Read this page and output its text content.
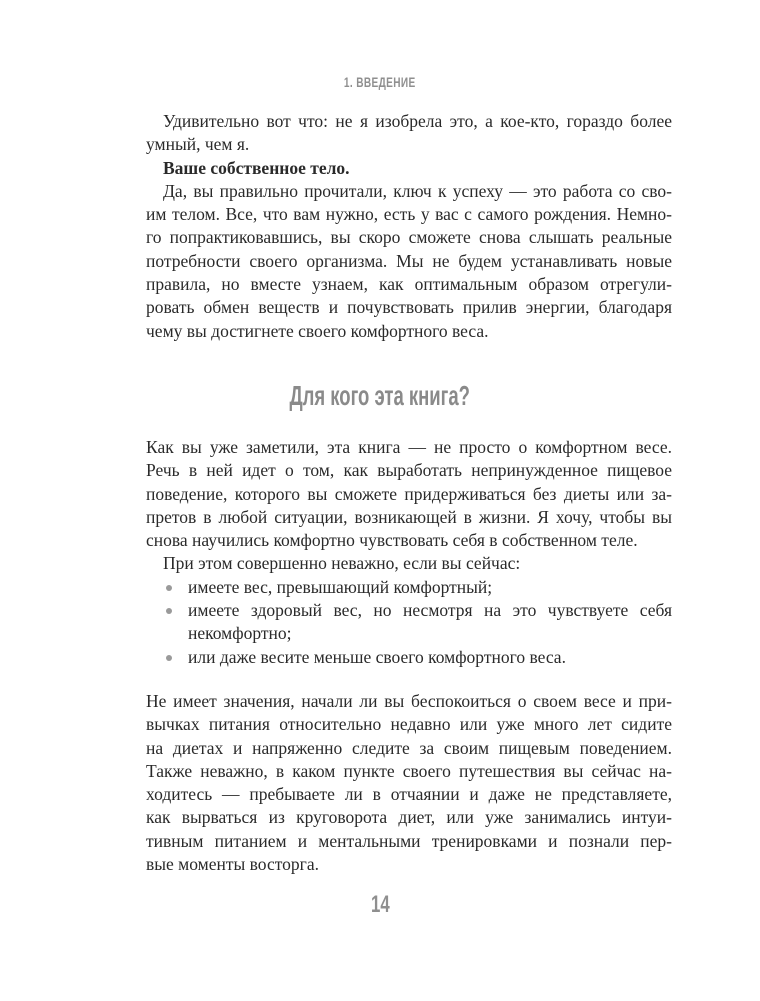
1. ВВЕДЕНИЕ
Удивительно вот что: не я изобрела это, а кое-кто, гораздо более
умный, чем я.
Ваше собственное тело.
Да, вы правильно прочитали, ключ к успеху — это работа со сво-
им телом. Все, что вам нужно, есть у вас с самого рождения. Немно-
го попрактиковавшись, вы скоро сможете снова слышать реальные
потребности своего организма. Мы не будем устанавливать новые
правила, но вместе узнаем, как оптимальным образом отрегули-
ровать обмен веществ и почувствовать прилив энергии, благодаря
чему вы достигнете своего комфортного веса.
Для кого эта книга?
Как вы уже заметили, эта книга — не просто о комфортном весе.
Речь в ней идет о том, как выработать непринужденное пищевое
поведение, которого вы сможете придерживаться без диеты или за-
претов в любой ситуации, возникающей в жизни. Я хочу, чтобы вы
снова научились комфортно чувствовать себя в собственном теле.
При этом совершенно неважно, если вы сейчас:
имеете вес, превышающий комфортный;
имеете здоровый вес, но несмотря на это чувствуете себя
некомфортно;
или даже весите меньше своего комфортного веса.
Не имеет значения, начали ли вы беспокоиться о своем весе и при-
вычках питания относительно недавно или уже много лет сидите
на диетах и напряженно следите за своим пищевым поведением.
Также неважно, в каком пункте своего путешествия вы сейчас на-
ходитесь — пребываете ли в отчаянии и даже не представляете,
как вырваться из круговорота диет, или уже занимались интуи-
тивным питанием и ментальными тренировками и познали пер-
вые моменты восторга.
14
